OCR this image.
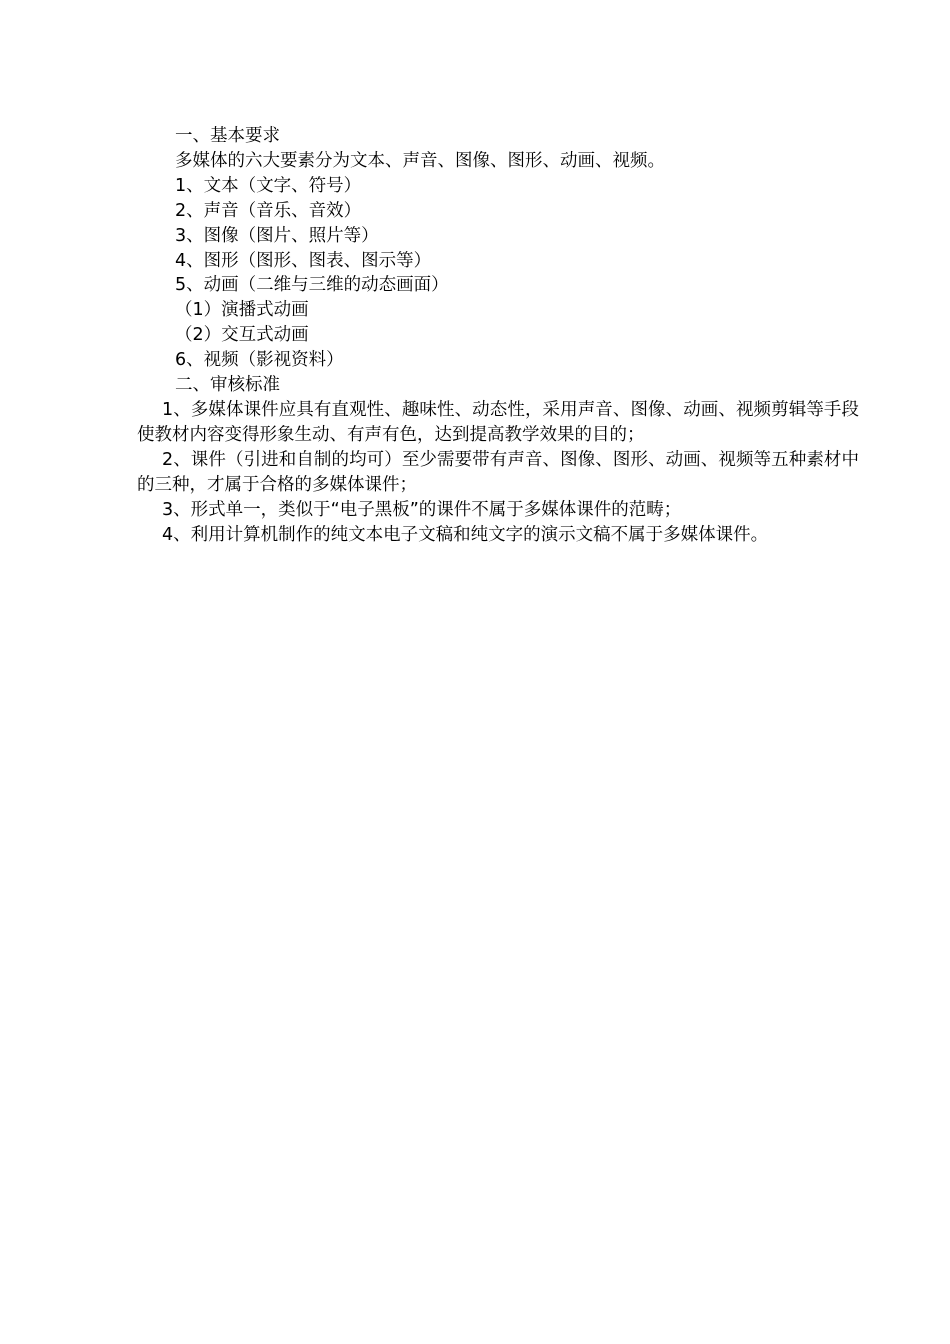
一、基本要求

多媒体的六大要素分为文本、声音、图像、图形、动画、视频。

1、文本（文字、符号）

2、声音（音乐、音效）

3、图像（图片、照片等）

4、图形（图形、图表、图示等）

5、动画（二维与三维的动态画面）

（1）演播式动画

（2）交互式动画

6、视频（影视资料）

二、审核标准

1、多媒体课件应具有直观性、趣味性、动态性，采用声音、图像、动画、视频剪辑等手段使教材内容变得形象生动、有声有色，达到提高教学效果的目的；

2、课件（引进和自制的均可）至少需要带有声音、图像、图形、动画、视频等五种素材中的三种，才属于合格的多媒体课件；

3、形式单一，类似于“电子黑板”的课件不属于多媒体课件的范畴；

4、利用计算机制作的纯文本电子文稿和纯文字的演示文稿不属于多媒体课件。
